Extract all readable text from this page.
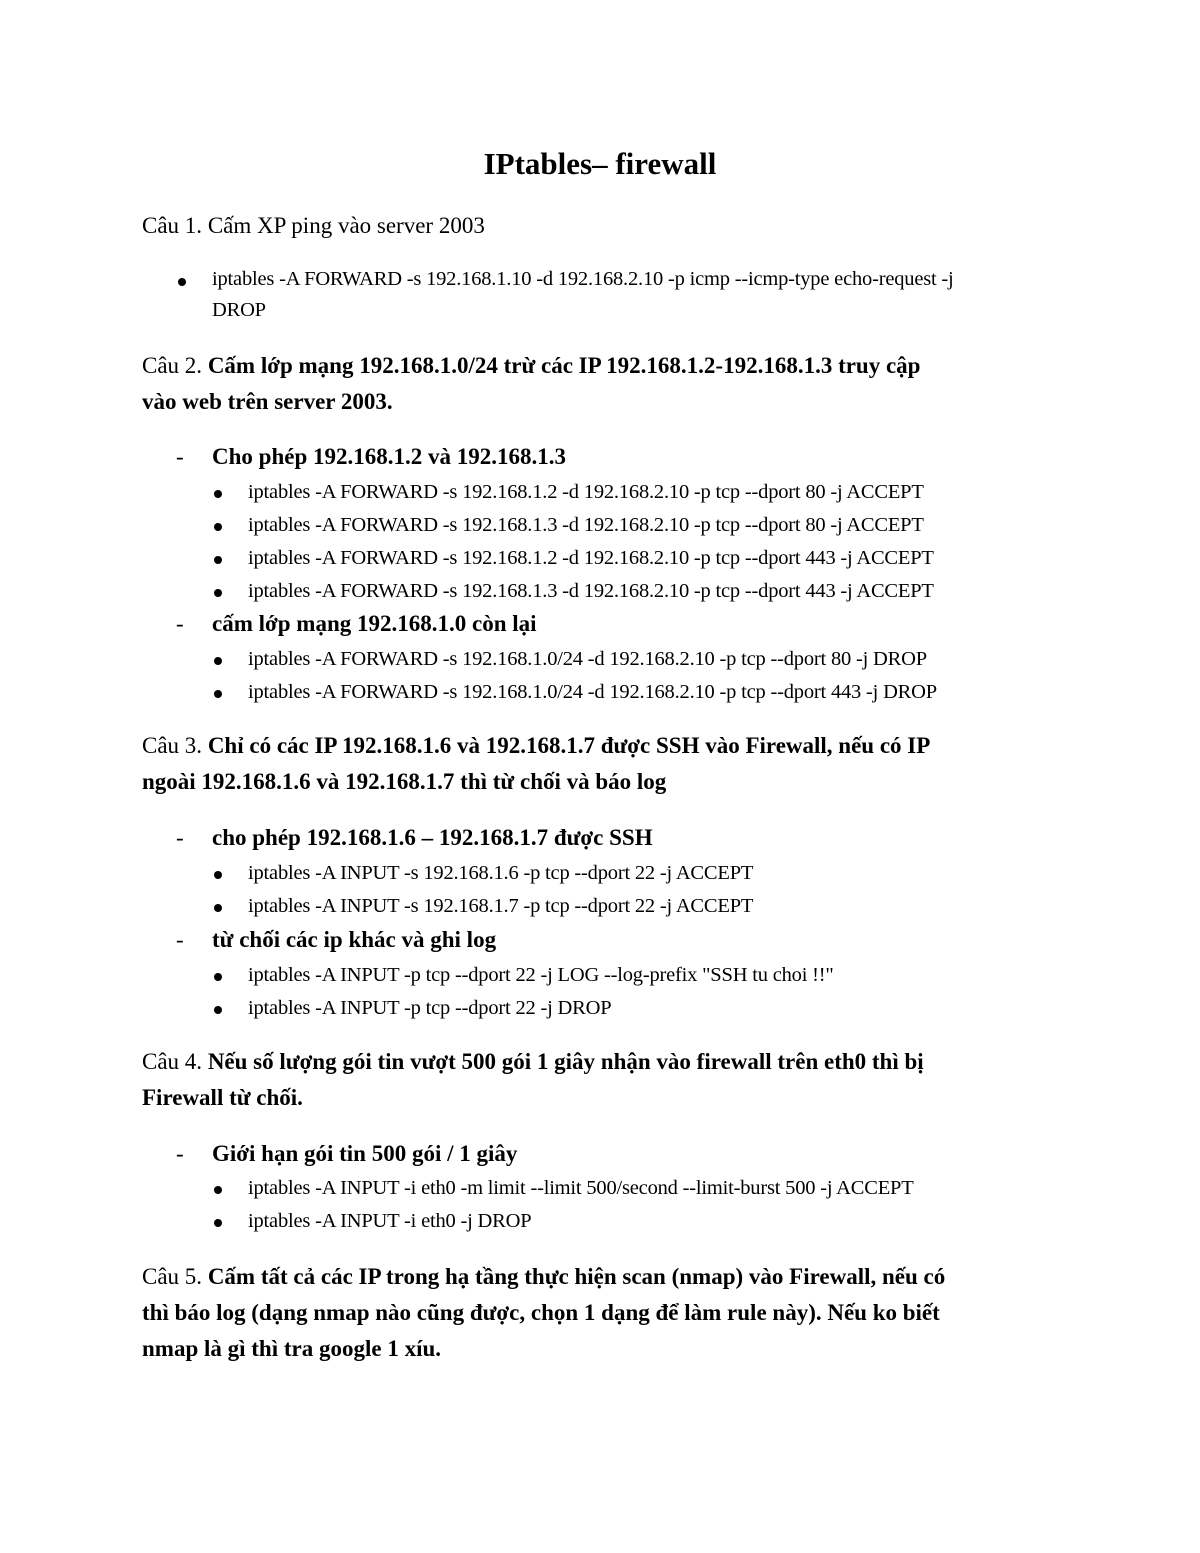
IPtables– firewall
Câu 1. Cấm XP ping vào server 2003
iptables -A FORWARD -s 192.168.1.10 -d 192.168.2.10 -p icmp --icmp-type echo-request -j DROP
Câu 2. Cấm lớp mạng 192.168.1.0/24 trừ các IP 192.168.1.2-192.168.1.3 truy cập
vào web trên server 2003.
- Cho phép 192.168.1.2 và 192.168.1.3
iptables -A FORWARD -s 192.168.1.2 -d 192.168.2.10 -p tcp --dport 80 -j ACCEPT
iptables -A FORWARD -s 192.168.1.3 -d 192.168.2.10 -p tcp --dport 80 -j ACCEPT
iptables -A FORWARD -s 192.168.1.2 -d 192.168.2.10 -p tcp --dport 443 -j ACCEPT
iptables -A FORWARD -s 192.168.1.3 -d 192.168.2.10 -p tcp --dport 443 -j ACCEPT
- cấm lớp mạng 192.168.1.0 còn lại
iptables -A FORWARD -s 192.168.1.0/24 -d 192.168.2.10 -p tcp --dport 80 -j DROP
iptables -A FORWARD -s 192.168.1.0/24 -d 192.168.2.10 -p tcp --dport 443 -j DROP
Câu 3. Chỉ có các IP 192.168.1.6 và 192.168.1.7 được SSH vào Firewall, nếu có IP
ngoài 192.168.1.6 và 192.168.1.7 thì từ chối và báo log
- cho phép 192.168.1.6 – 192.168.1.7 được SSH
iptables -A INPUT -s 192.168.1.6 -p tcp --dport 22 -j ACCEPT
iptables -A INPUT -s 192.168.1.7 -p tcp --dport 22 -j ACCEPT
- từ chối các ip khác và ghi log
iptables -A INPUT -p tcp --dport 22 -j LOG --log-prefix "SSH tu choi !!"
iptables -A INPUT -p tcp --dport 22 -j DROP
Câu 4. Nếu số lượng gói tin vượt 500 gói 1 giây nhận vào firewall trên eth0 thì bị
Firewall từ chối.
- Giới hạn gói tin 500 gói / 1 giây
iptables -A INPUT -i eth0 -m limit --limit 500/second --limit-burst 500 -j ACCEPT
iptables -A INPUT -i eth0 -j DROP
Câu 5. Cấm tất cả các IP trong hạ tầng thực hiện scan (nmap) vào Firewall, nếu có
thì báo log (dạng nmap nào cũng được, chọn 1 dạng để làm rule này). Nếu ko biết
nmap là gì thì tra google 1 xíu.
